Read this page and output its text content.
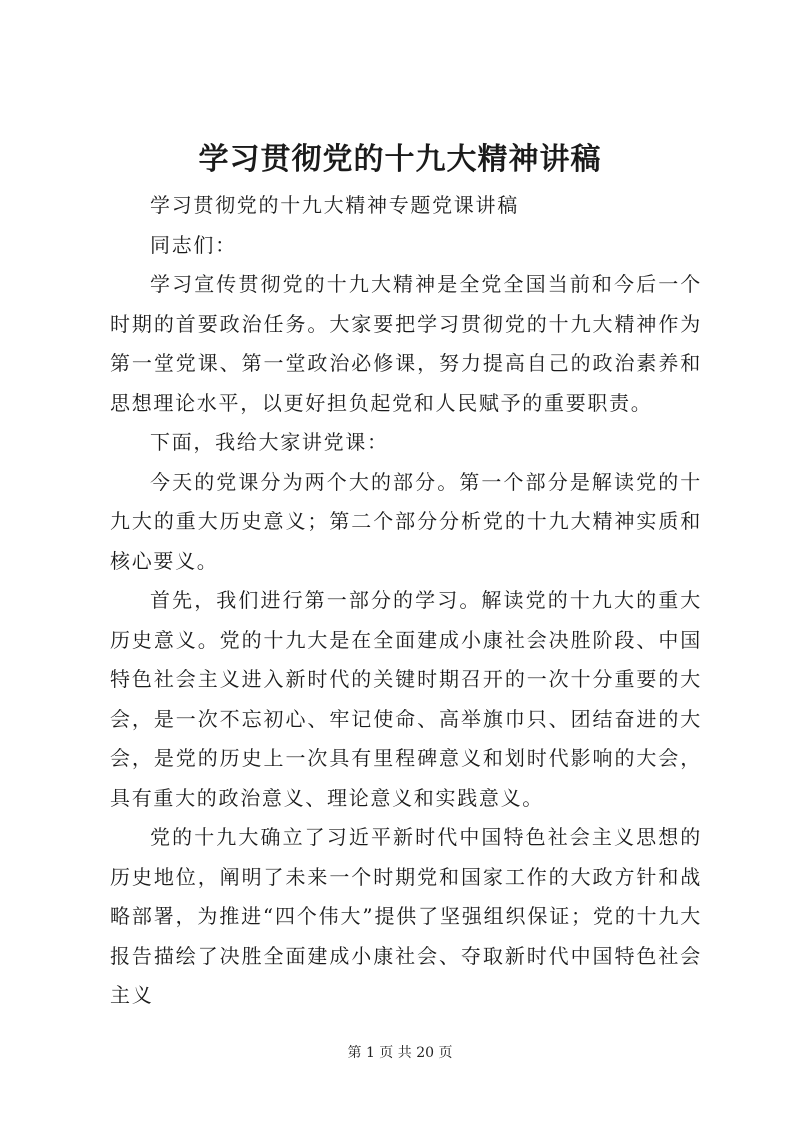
学习贯彻党的十九大精神讲稿

学习贯彻党的十九大精神专题党课讲稿

同志们：

学习宣传贯彻党的十九大精神是全党全国当前和今后一个时期的首要政治任务。大家要把学习贯彻党的十九大精神作为第一堂党课、第一堂政治必修课，努力提高自己的政治素养和思想理论水平，以更好担负起党和人民赋予的重要职责。

下面，我给大家讲党课：

今天的党课分为两个大的部分。第一个部分是解读党的十九大的重大历史意义；第二个部分分析党的十九大精神实质和核心要义。

首先，我们进行第一部分的学习。解读党的十九大的重大历史意义。党的十九大是在全面建成小康社会决胜阶段、中国特色社会主义进入新时代的关键时期召开的一次十分重要的大会，是一次不忘初心、牢记使命、高举旗巾只、团结奋进的大会，是党的历史上一次具有里程碑意义和划时代影响的大会，具有重大的政治意义、理论意义和实践意义。

党的十九大确立了习近平新时代中国特色社会主义思想的历史地位，阐明了未来一个时期党和国家工作的大政方针和战略部署，为推进“四个伟大”提供了坚强组织保证；党的十九大报告描绘了决胜全面建成小康社会、夺取新时代中国特色社会主义

第 1 页 共 20 页
